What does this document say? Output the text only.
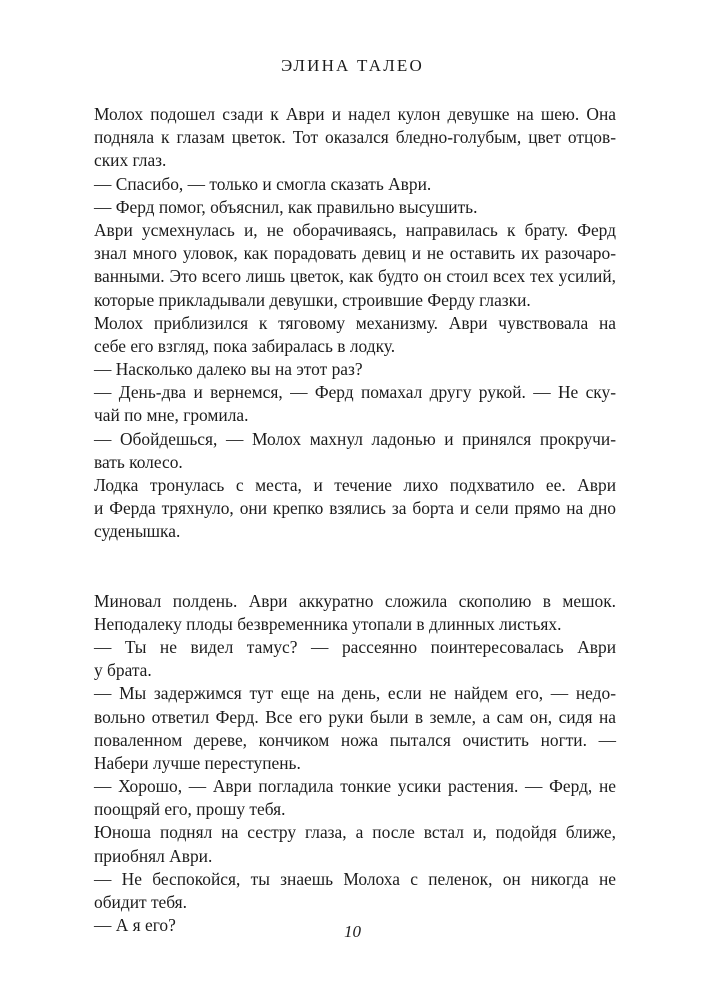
ЭЛИНА ТАЛЕО
Молох подошел сзади к Аври и надел кулон девушке на шею. Она
подняла к глазам цветок. Тот оказался бледно-голубым, цвет отцов-
ских глаз.
— Спасибо, — только и смогла сказать Аври.
— Ферд помог, объяснил, как правильно высушить.
Аври усмехнулась и, не оборачиваясь, направилась к брату. Ферд
знал много уловок, как порадовать девиц и не оставить их разочаро-
ванными. Это всего лишь цветок, как будто он стоил всех тех усилий,
которые прикладывали девушки, строившие Ферду глазки.
Молох приблизился к тяговому механизму. Аври чувствовала на
себе его взгляд, пока забиралась в лодку.
— Насколько далеко вы на этот раз?
— День-два и вернемся, — Ферд помахал другу рукой. — Не ску-
чай по мне, громила.
— Обойдешься, — Молох махнул ладонью и принялся прокручи-
вать колесо.
Лодка тронулась с места, и течение лихо подхватило ее. Аври
и Ферда тряхнуло, они крепко взялись за борта и сели прямо на дно
суденышка.
Миновал полдень. Аври аккуратно сложила скополию в мешок.
Неподалеку плоды безвременника утопали в длинных листьях.
— Ты не видел тамус? — рассеянно поинтересовалась Аври
у брата.
— Мы задержимся тут еще на день, если не найдем его, — недо-
вольно ответил Ферд. Все его руки были в земле, а сам он, сидя на
поваленном дереве, кончиком ножа пытался очистить ногти. —
Набери лучше переступень.
— Хорошо, — Аври погладила тонкие усики растения. — Ферд, не
поощряй его, прошу тебя.
Юноша поднял на сестру глаза, а после встал и, подойдя ближе,
приобнял Аври.
— Не беспокойся, ты знаешь Молоха с пеленок, он никогда не
обидит тебя.
— А я его?	10
